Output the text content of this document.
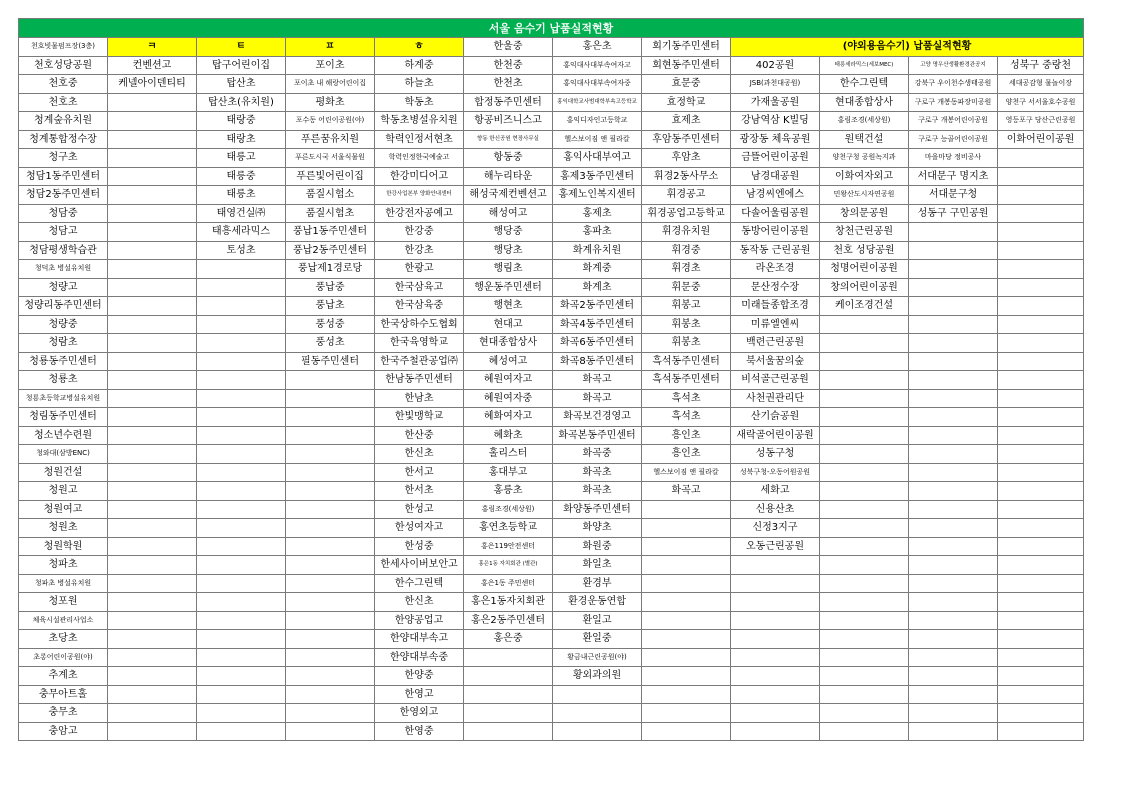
서울 음수기 납품실적현황											
천호빗물펌프장(3층)	ㅋ	ㅌ	ㅍ	ㅎ	한울중	홍은초	회기동주민센터	(야외용음수기) 납품실적현황			
천호성당공원	컨벤션고	탑구어린이집	포이초	하계중	한천중	홍익대사대부속여자고	회현동주민센터	402공원	태릉세라믹스(세보MEC)	고양 명우산생활환경관공지	성북구 중랑천
천호중	케넬아이덴티티	탑산초	포이초 내 해랑어린이집	하늘초	한천초	홍익대사대부속여자중	효문중	JSB(과천대공원)	한수그린텍	강북구 우이천수생태공원	세대공감형 물놀이장
천호초		탑산초(유치원)	평화초	학동초	합정동주민센터	홍익대학교사범대학부속고등학교	효정학교	가재울공원	현대종합상사	구로구 개봉동파장미공원	양천구 서서울호수공원
청계숲유치원		태랑중	포수동 어린이공원(야)	학동초병설유치원	항공비즈니스고	홍익디자인고등학교	효제초	강남역삼 K빌딩	홍림조경(세상원)	구로구 개봉어린이공원	영등포구 당산근린공원
청계통합정수장		태랑초	푸른꿈유치원	학력인정서현초	향동 한신공원 현장사무실	헬스보이짐 앤 필라칼	후암동주민센터	광장동 체육공원	원택건설	구로구 능골어린이공원	이화어린이공원
청구초		태릉고	푸른도시국 서울식물원	학력인정한국예술고	항동중	홍익사대부여고	후암초	금뜰어린이공원	양천구청 공원녹지과	마을마당 정비공사	
청담1동주민센터		태릉중	푸른빛어린이집	한강미디어고	해누리타운	홍제3동주민센터	휘경2동사무소	남경대공원	이화여자외고	서대문구 명지초	
청담2동주민센터		태릉초	품질시험소	한강사업본부 양화안내센터	해성국제컨벤션고	홍제노인복지센터	휘경공고	남경씨엔에스	민왕산도시자연공원	서대문구청	
청담중		태영건실㈜	품질시험초	한강전자공예고	해성여고	홍제초	휘경공업고등학교	다솔어울림공원	창의문공원	성동구 구민공원	
청담고		태흥세라믹스	풍납1동주민센터	한강중	행당중	홍파초	휘경유치원	동방어린이공원	창천근린공원		
청담평생학습관		토성초	풍납2동주민센터	한강초	행당초	화계유치원	휘경중	동작동 근린공원	천호 성당공원		
청덕초 병설유치원			풍납제1경로당	한광고	행림초	화계중	휘경초	라온조경	청명어린이공원		
청량고			풍납중	한국삼육고	행운동주민센터	화계초	휘문중	문산정수장	창의어린이공원		
청량리동주민센터			풍납초	한국삼육중	행현초	화곡2동주민센터	휘봉고	미래들종합조경	케이조경건설		
청량중			풍성중	한국상하수도협회	현대고	화곡4동주민센터	휘봉초	미류엘엔씨			
청람초			풍성초	한국육영학교	현대종합상사	화곡6동주민센터	휘봉초	백련근린공원			
청룡동주민센터			필동주민센터	한국주철관공업㈜	혜성여고	화곡8동주민센터	흑석동주민센터	북서울꿈의숲			
청룡초				한남동주민센터	혜원여자고	화곡고	흑석동주민센터	비석골근린공원			
청룡초등학교병설유치원				한남초	혜원여자중	화곡고	흑석초	사천권관리단			
청림동주민센터				한빛맹학교	혜화여자고	화곡보건경영고	흑석초	산기슭공원			
청소년수련원				한산중	혜화초	화곡본동주민센터	흥인초	새락골어린이공원			
청와대(삼방ENC)				한신초	홀리스터	화곡중	흥인초	성동구청			
청원건설				한서고	홍대부고	화곡초	헬스보이짐 앤 필라칼	성북구청-오동어원공원			
청원고				한서초	홍릉초	화곡초	화곡고	세화고			
청원여고				한성고	홍림조경(세상원)	화양동주민센터		신용산초			
청원초				한성여자고	홍연초등학교	화양초		신정3지구			
청원학원				한성중	홍은119안전센터	화원중		오동근린공원			
청파초				한세사이버보안고	홍은1동 자치회관 (별관)	화일초					
청파초 병설유치원				한수그린텍	홍은1동 주민센터	환경부					
청포원				한신초	홍은1동자치회관	환경운동연합					
체육시설관리사업소				한양공업고	홍은2동주민센터	환일고					
초당초				한양대부속고	홍은중	환일중					
초롱어린이공원(야)				한양대부속중		황금내근린공원(야)					
추계초				한양중		황외과의원					
충무아트홀				한영고							
충무초				한영외고							
충암고				한영중							
